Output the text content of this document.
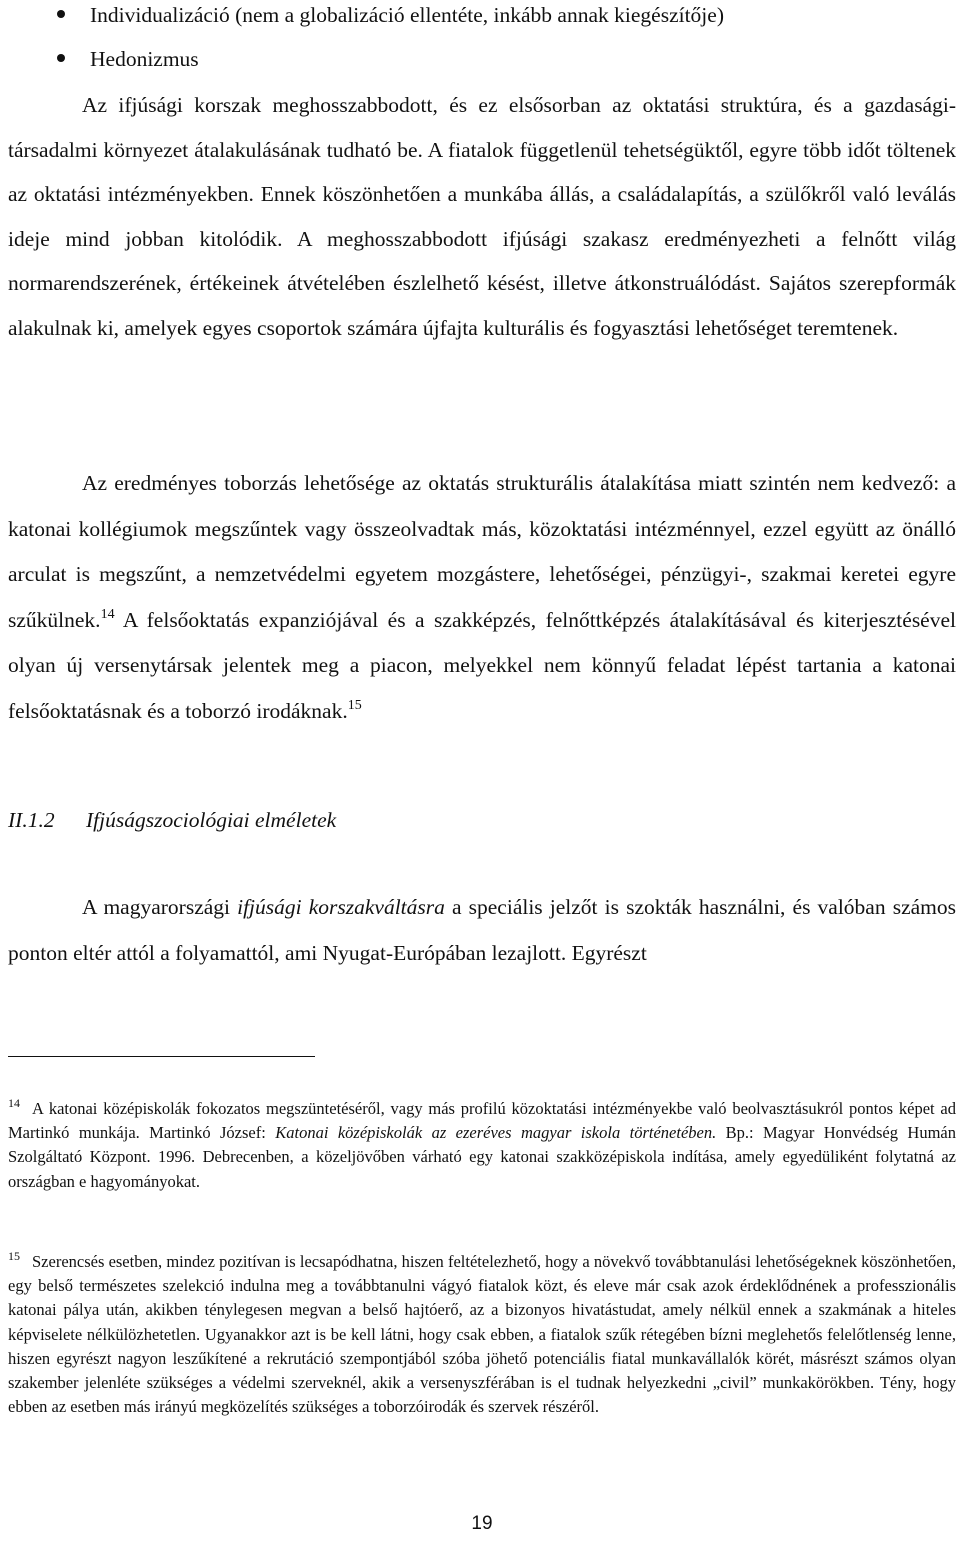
Individualizáció (nem a globalizáció ellentéte, inkább annak kiegészítője)
Hedonizmus

Az ifjúsági korszak meghosszabbodott, és ez elsősorban az oktatási struktúra, és a gazdasági-társadalmi környezet átalakulásának tudható be. A fiatalok függetlenül tehetségüktől, egyre több időt töltenek az oktatási intézményekben. Ennek köszönhetően a munkába állás, a családalapítás, a szülőkről való leválás ideje mind jobban kitolódik. A meghosszabbodott ifjúsági szakasz eredményezheti a felnőtt világ normarendszerének, értékeinek átvételében észlelhető késést, illetve átkonstruálódást. Sajátos szerepformák alakulnak ki, amelyek egyes csoportok számára újfajta kulturális és fogyasztási lehetőséget teremtenek.

Az eredményes toborzás lehetősége az oktatás strukturális átalakítása miatt szintén nem kedvező: a katonai kollégiumok megszűntek vagy összeolvadtak más, közoktatási intézménnyel, ezzel együtt az önálló arculat is megszűnt, a nemzetvédelmi egyetem mozgástere, lehetőségei, pénzügyi-, szakmai keretei egyre szűkülnek.$^{14}$ A felsőoktatás expanziójával és a szakképzés, felnőttképzés átalakításával és kiterjesztésével olyan új versenytársak jelentek meg a piacon, melyekkel nem könnyű feladat lépést tartania a katonai felsőoktatásnak és a toborzó irodáknak.$^{15}$

II.1.2 Ifjúságszociológiai elméletek

A magyarországi ifjúsági korszakváltásra a speciális jelzőt is szokták használni, és valóban számos ponton eltér attól a folyamattól, ami Nyugat-Európában lezajlott. Egyrészt

$^{14}$ A katonai középiskolák fokozatos megszüntetéséről, vagy más profilú közoktatási intézményekbe való beolvasztásukról pontos képet ad Martinkó munkája. Martinkó József: Katonai középiskolák az ezeréves magyar iskola történetében. Bp.: Magyar Honvédség Humán Szolgáltató Központ. 1996. Debrecenben, a közeljövőben várható egy katonai szakközépiskola indítása, amely egyedüliként folytatná az országban e hagyományokat.

$^{15}$ Szerencsés esetben, mindez pozitívan is lecsapódhatna, hiszen feltételezhető, hogy a növekvő továbbtanulási lehetőségeknek köszönhetően, egy belső természetes szelekció indulna meg a továbbtanulni vágyó fiatalok közt, és eleve már csak azok érdeklődnének a professzionális katonai pálya után, akikben ténylegesen megvan a belső hajtóerő, az a bizonyos hivatástudat, amely nélkül ennek a szakmának a hiteles képviselete nélkülözhetetlen. Ugyanakkor azt is be kell látni, hogy csak ebben, a fiatalok szűk rétegében bízni meglehetős felelőtlenség lenne, hiszen egyrészt nagyon leszűkítené a rekrutáció szempontjából szóba jöhető potenciális fiatal munkavállalók körét, másrészt számos olyan szakember jelenléte szükséges a védelmi szerveknél, akik a versenyszférában is el tudnak helyezkedni „civil” munkakörökben. Tény, hogy ebben az esetben más irányú megközelítés szükséges a toborzóirodák és szervek részéről.

19
